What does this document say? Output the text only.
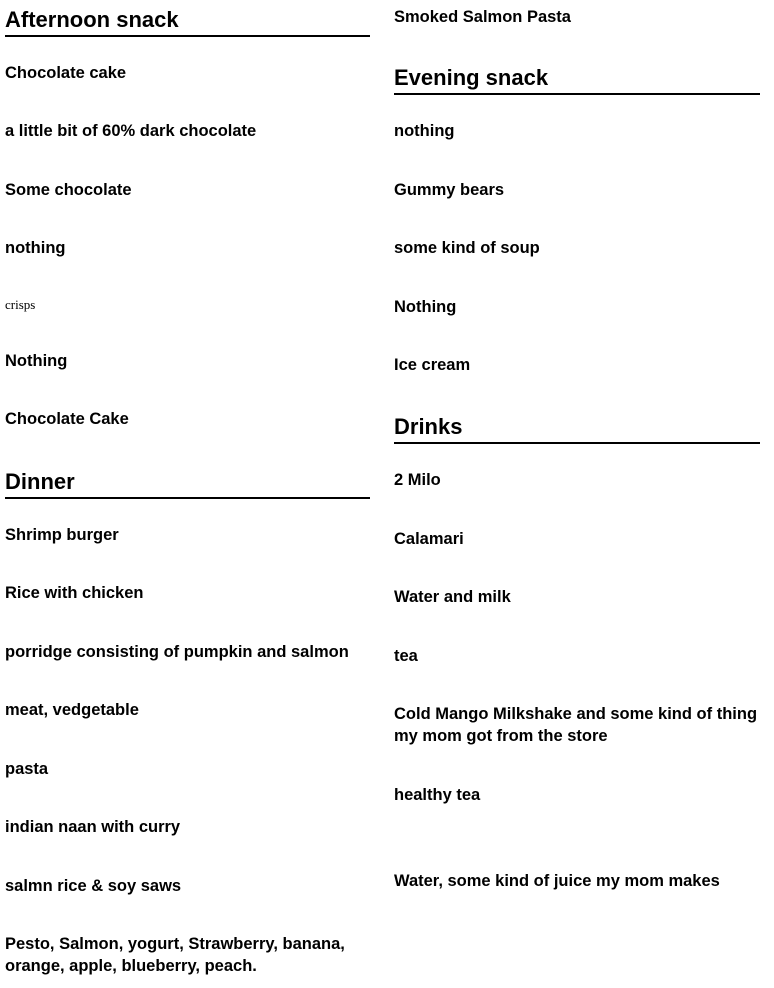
Afternoon snack

Chocolate cake

a little bit of 60% dark chocolate

Some chocolate

nothing

crisps

Nothing

Chocolate Cake

Dinner

Shrimp burger

Rice with chicken

porridge consisting of pumpkin and salmon

meat, vedgetable

pasta

indian naan with curry

salmn rice & soy saws

Pesto, Salmon, yogurt, Strawberry, banana, orange, apple, blueberry, peach.

Smoked Salmon Pasta

Evening snack

nothing

Gummy bears

some kind of soup

Nothing

Ice cream

Drinks

2 Milo

Calamari

Water and milk

tea

Cold Mango Milkshake and some kind of thing my mom got from the store

healthy tea

Water, some kind of juice my mom makes
